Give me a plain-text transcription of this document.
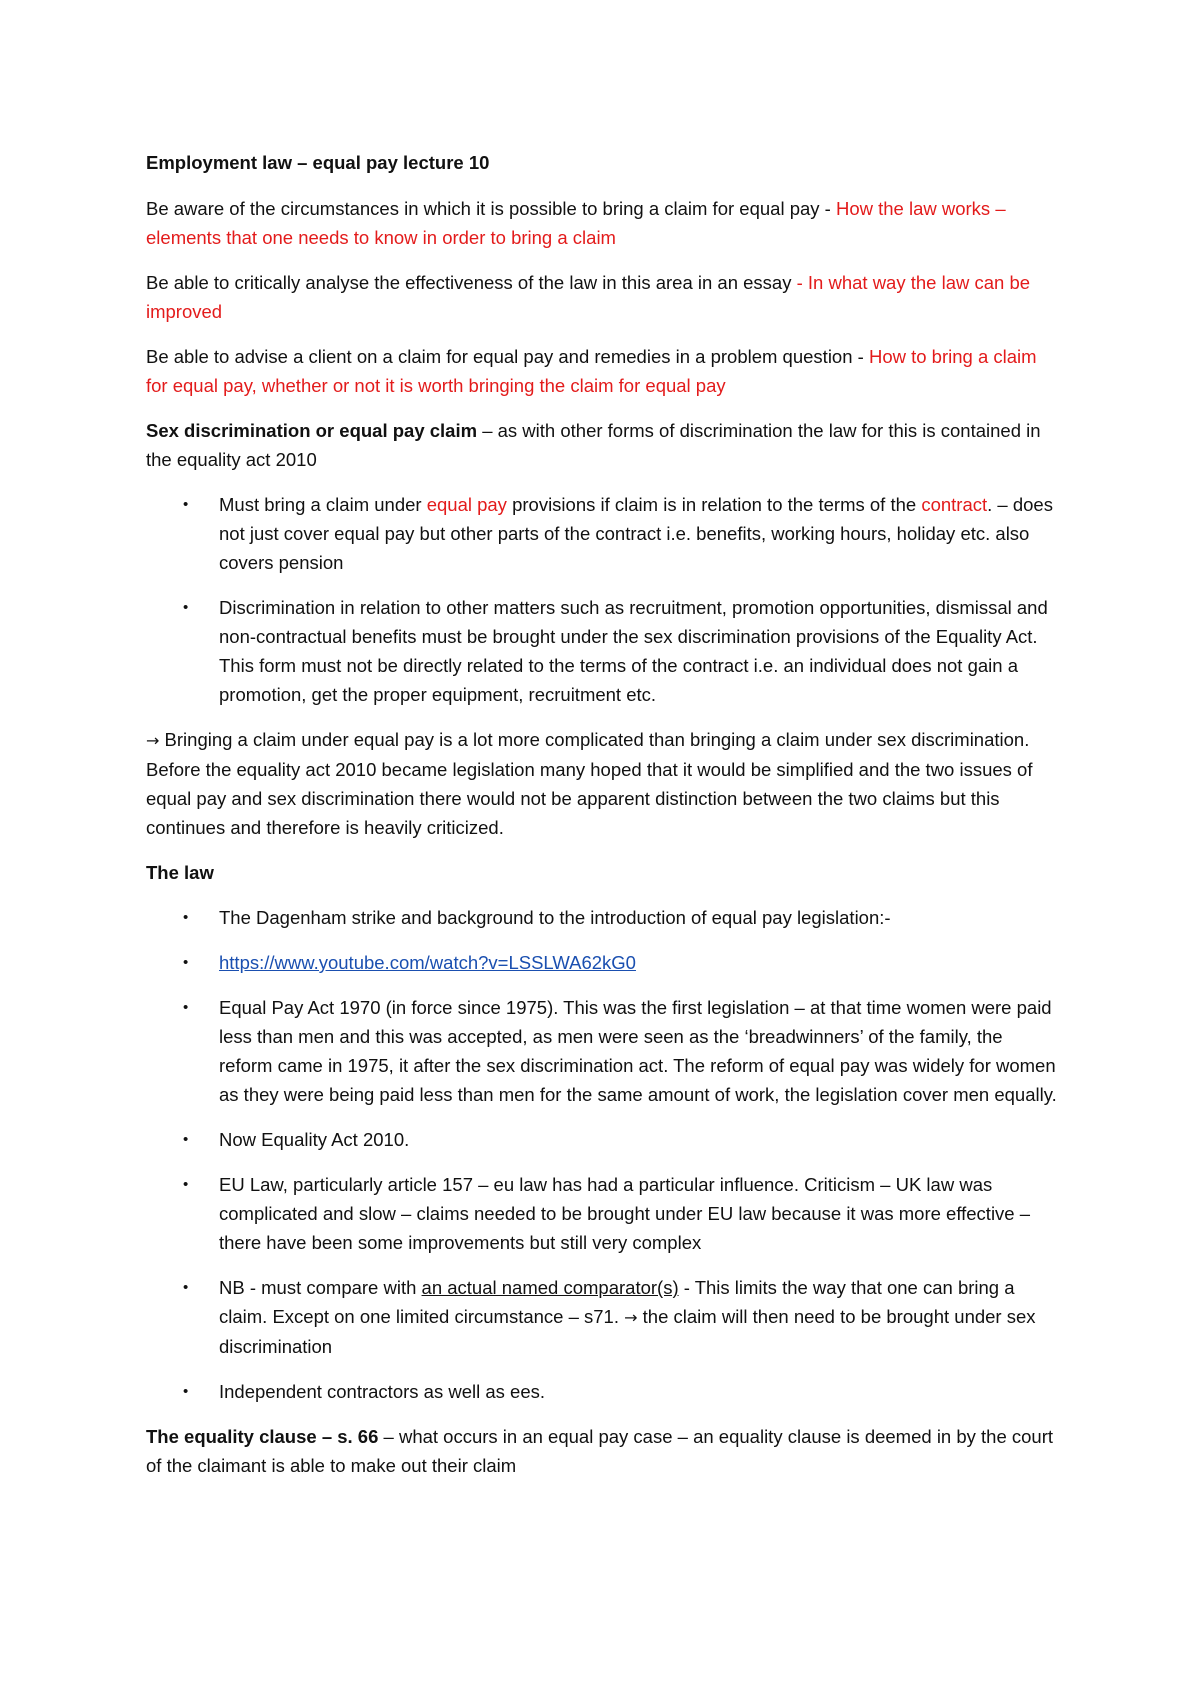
Employment law – equal pay lecture 10

Be aware of the circumstances in which it is possible to bring a claim for equal pay - How the law works – elements that one needs to know in order to bring a claim

Be able to critically analyse the effectiveness of the law in this area in an essay - In what way the law can be improved

Be able to advise a client on a claim for equal pay and remedies in a problem question - How to bring a claim for equal pay, whether or not it is worth bringing the claim for equal pay

Sex discrimination or equal pay claim – as with other forms of discrimination the law for this is contained in the equality act 2010

• Must bring a claim under equal pay provisions if claim is in relation to the terms of the contract. – does not just cover equal pay but other parts of the contract i.e. benefits, working hours, holiday etc. also covers pension
• Discrimination in relation to other matters such as recruitment, promotion opportunities, dismissal and non-contractual benefits must be brought under the sex discrimination provisions of the Equality Act. This form must not be directly related to the terms of the contract i.e. an individual does not gain a promotion, get the proper equipment, recruitment etc.

→ Bringing a claim under equal pay is a lot more complicated than bringing a claim under sex discrimination. Before the equality act 2010 became legislation many hoped that it would be simplified and the two issues of equal pay and sex discrimination there would not be apparent distinction between the two claims but this continues and therefore is heavily criticized.

The law

• The Dagenham strike and background to the introduction of equal pay legislation:-
• https://www.youtube.com/watch?v=LSSLWA62kG0
• Equal Pay Act 1970 (in force since 1975). This was the first legislation – at that time women were paid less than men and this was accepted, as men were seen as the ‘breadwinners’ of the family, the reform came in 1975, it after the sex discrimination act. The reform of equal pay was widely for women as they were being paid less than men for the same amount of work, the legislation cover men equally.
• Now Equality Act 2010.
• EU Law, particularly article 157 – eu law has had a particular influence. Criticism – UK law was complicated and slow – claims needed to be brought under EU law because it was more effective – there have been some improvements but still very complex
• NB - must compare with an actual named comparator(s) - This limits the way that one can bring a claim. Except on one limited circumstance – s71. → the claim will then need to be brought under sex discrimination
• Independent contractors as well as ees.

The equality clause – s. 66 – what occurs in an equal pay case – an equality clause is deemed in by the court of the claimant is able to make out their claim
